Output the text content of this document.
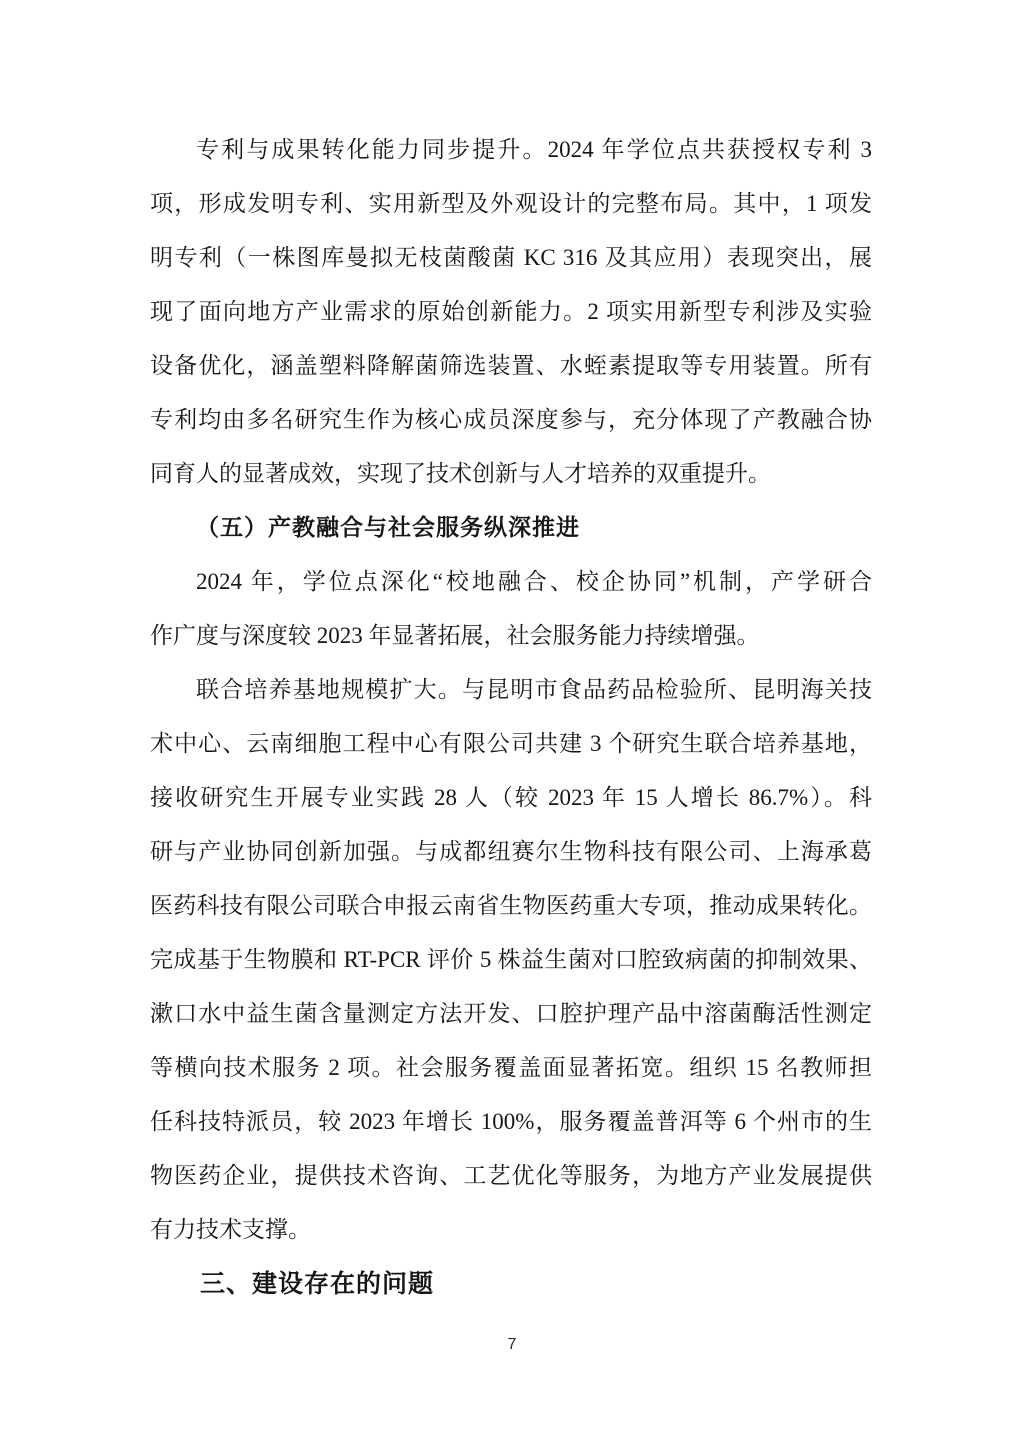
专利与成果转化能力同步提升。2024 年学位点共获授权专利 3

项，形成发明专利、实用新型及外观设计的完整布局。其中，1 项发

明专利（一株图库曼拟无枝菌酸菌 KC 316 及其应用）表现突出，展

现了面向地方产业需求的原始创新能力。2 项实用新型专利涉及实验

设备优化，涵盖塑料降解菌筛选装置、水蛭素提取等专用装置。所有

专利均由多名研究生作为核心成员深度参与，充分体现了产教融合协

同育人的显著成效，实现了技术创新与人才培养的双重提升。

（五）产教融合与社会服务纵深推进

2024 年，学位点深化“校地融合、校企协同”机制，产学研合

作广度与深度较 2023 年显著拓展，社会服务能力持续增强。

联合培养基地规模扩大。与昆明市食品药品检验所、昆明海关技

术中心、云南细胞工程中心有限公司共建 3 个研究生联合培养基地，

接收研究生开展专业实践 28 人（较 2023 年 15 人增长 86.7%）。科

研与产业协同创新加强。与成都纽赛尔生物科技有限公司、上海承葛

医药科技有限公司联合申报云南省生物医药重大专项，推动成果转化。

完成基于生物膜和 RT-PCR 评价 5 株益生菌对口腔致病菌的抑制效果、

漱口水中益生菌含量测定方法开发、口腔护理产品中溶菌酶活性测定

等横向技术服务 2 项。社会服务覆盖面显著拓宽。组织 15 名教师担

任科技特派员，较 2023 年增长 100%，服务覆盖普洱等 6 个州市的生

物医药企业，提供技术咨询、工艺优化等服务，为地方产业发展提供

有力技术支撑。

三、建设存在的问题
7
